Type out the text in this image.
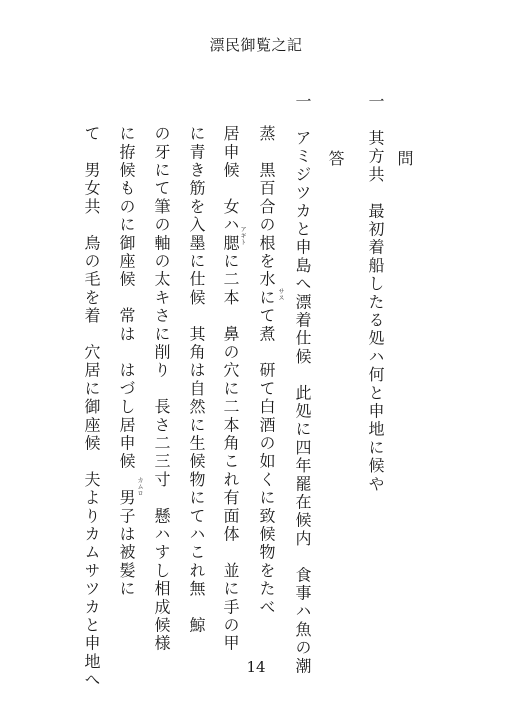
漂民御覧之記
問
答 一　其方共　最初着船したる処ハ何と申地に候や
一　アミジツカと申島へ漂着仕候　此処に四年罷在候内　食事ハ魚の潮
蒸　黒百合の根を水にて煮　研て白酒の如くに致候物をたべ
居申候　女ハ腮に二本　鼻の穴に二本角これ有面体　並に手の甲
に青き筋を入墨に仕候　其角は自然に生候物にてハこれ無　鯨
の牙にて筆の軸の太キさに削り　長さ二三寸　懸ハすし相成候様
に拵候ものに御座候　常は　はづし居申候　男子は被髪に
て　男女共　鳥の毛を着　穴居に御座候　夫よりカムサツカと申地へ	アギト
サス
カムロ
14
